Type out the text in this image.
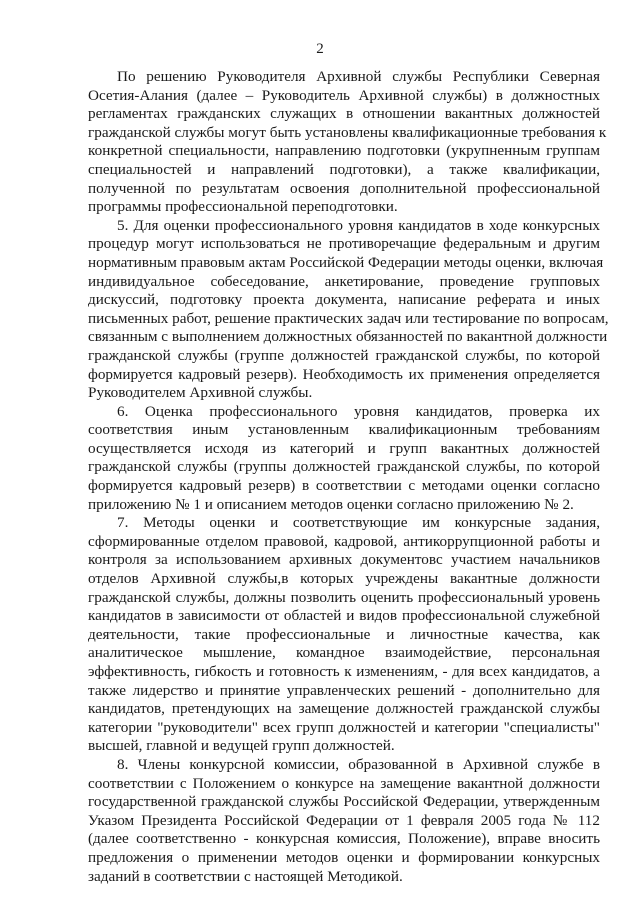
2
По решению Руководителя Архивной службы Республики Северная
Осетия-Алания (далее – Руководитель Архивной службы) в должностных
регламентах гражданских служащих в отношении вакантных должностей
гражданской службы могут быть установлены квалификационные требования к
конкретной специальности, направлению подготовки (укрупненным группам
специальностей и направлений подготовки), а также квалификации,
полученной по результатам освоения дополнительной профессиональной
программы профессиональной переподготовки.
5. Для оценки профессионального уровня кандидатов в ходе конкурсных
процедур могут использоваться не противоречащие федеральным и другим
нормативным правовым актам Российской Федерации методы оценки, включая
индивидуальное собеседование, анкетирование, проведение групповых
дискуссий, подготовку проекта документа, написание реферата и иных
письменных работ, решение практических задач или тестирование по вопросам,
связанным с выполнением должностных обязанностей по вакантной должности
гражданской службы (группе должностей гражданской службы, по которой
формируется кадровый резерв). Необходимость их применения определяется
Руководителем Архивной службы.
6. Оценка профессионального уровня кандидатов, проверка их
соответствия иным установленным квалификационным требованиям
осуществляется исходя из категорий и групп вакантных должностей
гражданской службы (группы должностей гражданской службы, по которой
формируется кадровый резерв) в соответствии с методами оценки согласно
приложению № 1 и описанием методов оценки согласно приложению № 2.
7. Методы оценки и соответствующие им конкурсные задания,
сформированные отделом правовой, кадровой, антикоррупционной работы и
контроля за использованием архивных документовс участием начальников
отделов Архивной службы,в которых учреждены вакантные должности
гражданской службы, должны позволить оценить профессиональный уровень
кандидатов в зависимости от областей и видов профессиональной служебной
деятельности, такие профессиональные и личностные качества, как
аналитическое мышление, командное взаимодействие, персональная
эффективность, гибкость и готовность к изменениям, - для всех кандидатов, а
также лидерство и принятие управленческих решений - дополнительно для
кандидатов, претендующих на замещение должностей гражданской службы
категории "руководители" всех групп должностей и категории "специалисты"
высшей, главной и ведущей групп должностей.
8. Члены конкурсной комиссии, образованной в Архивной службе в
соответствии с Положением о конкурсе на замещение вакантной должности
государственной гражданской службы Российской Федерации, утвержденным
Указом Президента Российской Федерации от 1 февраля 2005 года № 112
(далее соответственно - конкурсная комиссия, Положение), вправе вносить
предложения о применении методов оценки и формировании конкурсных
заданий в соответствии с настоящей Методикой.
